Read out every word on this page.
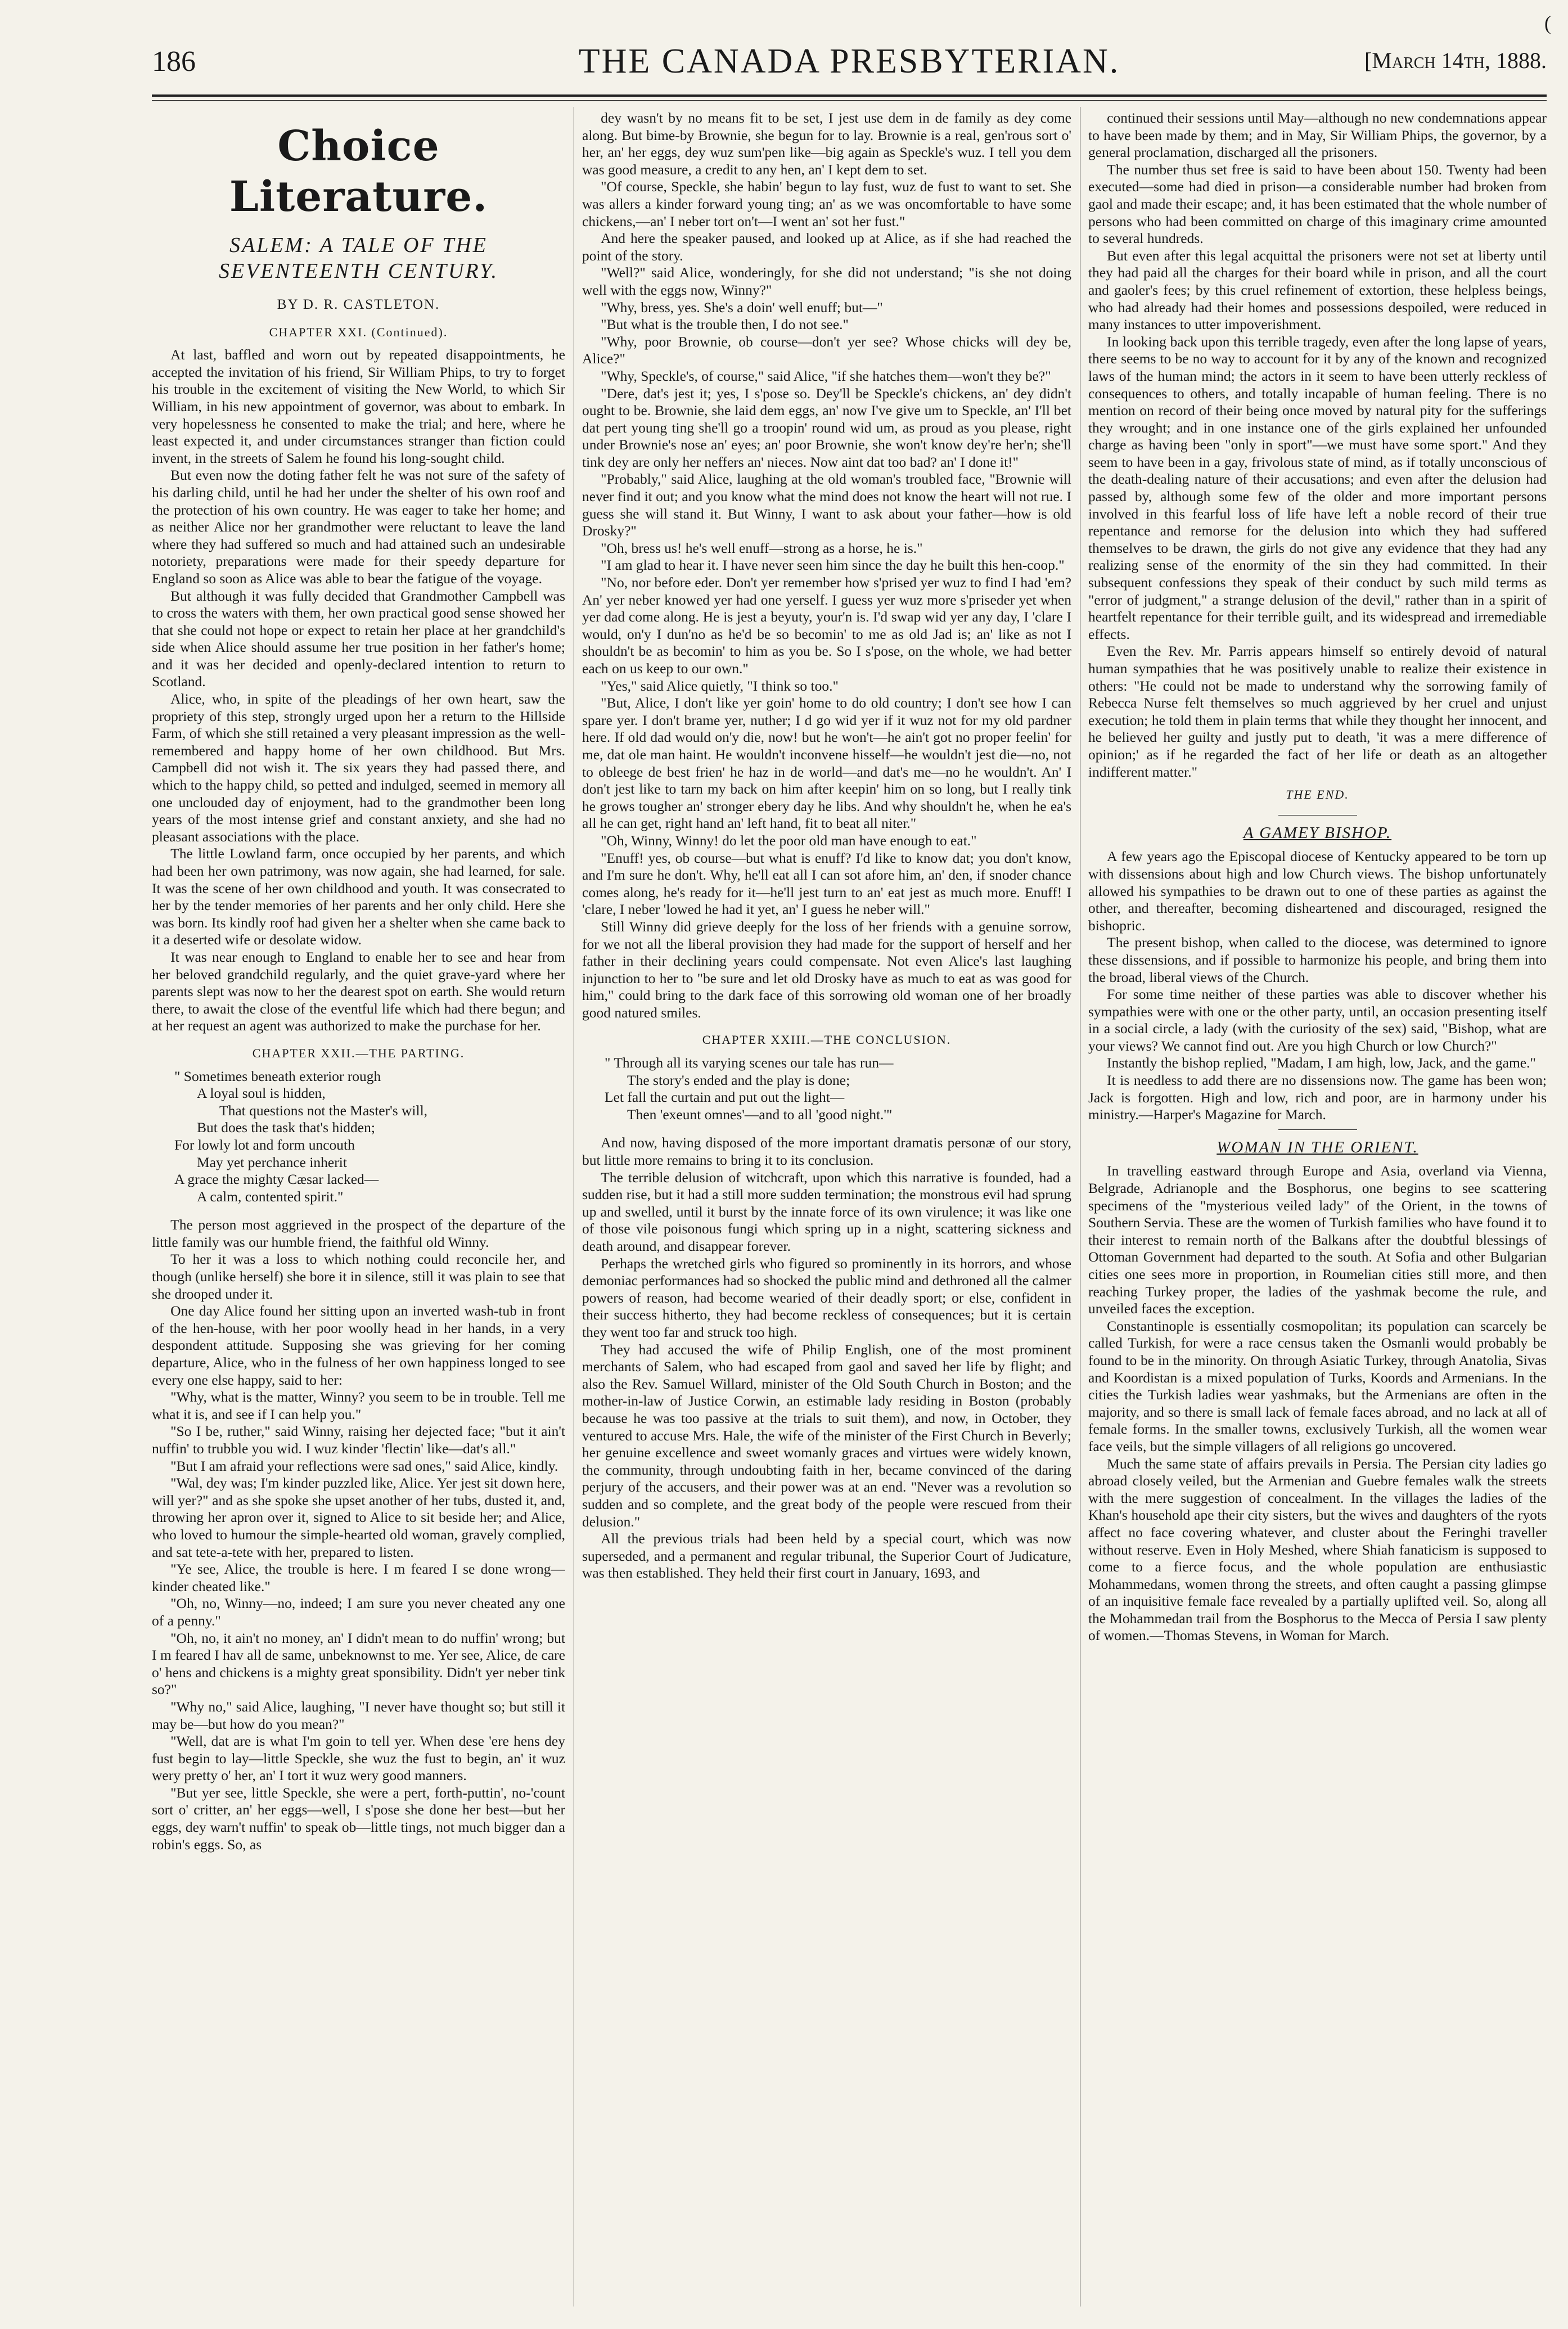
(
186	THE CANADA PRESBYTERIAN.	[March 14th, 1888.
Choice Literature.
SALEM: A TALE OF THE SEVENTEENTH CENTURY.
BY D. R. CASTLETON.
CHAPTER XXI. (Continued).

At last, baffled and worn out by repeated disappointments, he accepted the invitation of his friend, Sir William Phips, to try to forget his trouble in the excitement of visiting the New World, to which Sir William, in his new appointment of governor, was about to embark. In very hopelessness he consented to make the trial; and here, where he least expected it, and under circumstances stranger than fiction could invent, in the streets of Salem he found his long-sought child.

But even now the doting father felt he was not sure of the safety of his darling child, until he had her under the shelter of his own roof and the protection of his own country. He was eager to take her home; and as neither Alice nor her grandmother were reluctant to leave the land where they had suffered so much and had attained such an undesirable notoriety, preparations were made for their speedy departure for England so soon as Alice was able to bear the fatigue of the voyage.

But although it was fully decided that Grandmother Campbell was to cross the waters with them, her own practical good sense showed her that she could not hope or expect to retain her place at her grandchild's side when Alice should assume her true position in her father's home; and it was her decided and openly-declared intention to return to Scotland.

Alice, who, in spite of the pleadings of her own heart, saw the propriety of this step, strongly urged upon her a return to the Hillside Farm, of which she still retained a very pleasant impression as the well-remembered and happy home of her own childhood. But Mrs. Campbell did not wish it. The six years they had passed there, and which to the happy child, so petted and indulged, seemed in memory all one unclouded day of enjoyment, had to the grandmother been long years of the most intense grief and constant anxiety, and she had no pleasant associations with the place.

The little Lowland farm, once occupied by her parents, and which had been her own patrimony, was now again, she had learned, for sale. It was the scene of her own childhood and youth. It was consecrated to her by the tender memories of her parents and her only child. Here she was born. Its kindly roof had given her a shelter when she came back to it a deserted wife or desolate widow.

It was near enough to England to enable her to see and hear from her beloved grandchild regularly, and the quiet grave-yard where her parents slept was now to her the dearest spot on earth. She would return there, to await the close of the eventful life which had there begun; and at her request an agent was authorized to make the purchase for her.

CHAPTER XXII.—THE PARTING.
" Sometimes beneath exterior rough
A loyal soul is hidden,
That questions not the Master's will,
But does the task that's hidden;
For lowly lot and form uncouth
May yet perchance inherit
A grace the mighty Cæsar lacked—
A calm, contented spirit."

The person most aggrieved in the prospect of the departure of the little family was our humble friend, the faithful old Winny.

To her it was a loss to which nothing could reconcile her, and though (unlike herself) she bore it in silence, still it was plain to see that she drooped under it.

One day Alice found her sitting upon an inverted wash-tub in front of the hen-house, with her poor woolly head in her hands, in a very despondent attitude. Supposing she was grieving for her coming departure, Alice, who in the fulness of her own happiness longed to see every one else happy, said to her:

"Why, what is the matter, Winny? you seem to be in trouble. Tell me what it is, and see if I can help you."

"So I be, ruther," said Winny, raising her dejected face; "but it ain't nuffin' to trubble you wid. I wuz kinder 'flectin' like—dat's all."

"But I am afraid your reflections were sad ones," said Alice, kindly.

"Wal, dey was; I'm kinder puzzled like, Alice. Yer jest sit down here, will yer?" and as she spoke she upset another of her tubs, dusted it, and, throwing her apron over it, signed to Alice to sit beside her; and Alice, who loved to humour the simple-hearted old woman, gravely complied, and sat tete-a-tete with her, prepared to listen.

"Ye see, Alice, the trouble is here. I m feared I se done wrong—kinder cheated like."

"Oh, no, Winny—no, indeed; I am sure you never cheated any one of a penny."

"Oh, no, it ain't no money, an' I didn't mean to do nuffin' wrong; but I m feared I hav all de same, unbeknownst to me. Yer see, Alice, de care o' hens and chickens is a mighty great sponsibility. Didn't yer neber tink so?"

"Why no," said Alice, laughing, "I never have thought so; but still it may be—but how do you mean?"

"Well, dat are is what I'm goin to tell yer. When dese 'ere hens dey fust begin to lay—little Speckle, she wuz the fust to begin, an' it wuz wery pretty o' her, an' I tort it wuz wery good manners.

"But yer see, little Speckle, she were a pert, forth-puttin', no-'count sort o' critter, an' her eggs—well, I s'pose she done her best—but her eggs, dey warn't nuffin' to speak ob—little tings, not much bigger dan a robin's eggs. So, as

dey wasn't by no means fit to be set, I jest use dem in de family as dey come along. But bime-by Brownie, she begun for to lay. Brownie is a real, gen'rous sort o' her, an' her eggs, dey wuz sum'pen like—big again as Speckle's wuz. I tell you dem was good measure, a credit to any hen, an' I kept dem to set.

"Of course, Speckle, she habin' begun to lay fust, wuz de fust to want to set. She was allers a kinder forward young ting; an' as we was oncomfortable to have some chickens,—an' I neber tort on't—I went an' sot her fust."

And here the speaker paused, and looked up at Alice, as if she had reached the point of the story.

"Well?" said Alice, wonderingly, for she did not understand; "is she not doing well with the eggs now, Winny?"

"Why, bress, yes. She's a doin' well enuff; but—"

"But what is the trouble then, I do not see."

"Why, poor Brownie, ob course—don't yer see? Whose chicks will dey be, Alice?"

"Why, Speckle's, of course," said Alice, "if she hatches them—won't they be?"

"Dere, dat's jest it; yes, I s'pose so. Dey'll be Speckle's chickens, an' dey didn't ought to be. Brownie, she laid dem eggs, an' now I've give um to Speckle, an' I'll bet dat pert young ting she'll go a troopin' round wid um, as proud as you please, right under Brownie's nose an' eyes; an' poor Brownie, she won't know dey're her'n; she'll tink dey are only her neffers an' nieces. Now aint dat too bad? an' I done it!"

"Probably," said Alice, laughing at the old woman's troubled face, "Brownie will never find it out; and you know what the mind does not know the heart will not rue. I guess she will stand it. But Winny, I want to ask about your father—how is old Drosky?"

"Oh, bress us! he's well enuff—strong as a horse, he is."

"I am glad to hear it. I have never seen him since the day he built this hen-coop."

"No, nor before eder. Don't yer remember how s'prised yer wuz to find I had 'em? An' yer neber knowed yer had one yerself. I guess yer wuz more s'priseder yet when yer dad come along. He is jest a beyuty, your'n is. I'd swap wid yer any day, I 'clare I would, on'y I dun'no as he'd be so becomin' to me as old Jad is; an' like as not I shouldn't be as becomin' to him as you be. So I s'pose, on the whole, we had better each on us keep to our own."

"Yes," said Alice quietly, "I think so too."

"But, Alice, I don't like yer goin' home to do old country; I don't see how I can spare yer. I don't brame yer, nuther; I d go wid yer if it wuz not for my old pardner here. If old dad would on'y die, now! but he won't—he ain't got no proper feelin' for me, dat ole man haint. He wouldn't inconvene hisself—he wouldn't jest die—no, not to obleege de best frien' he haz in de world—and dat's me—no he wouldn't. An' I don't jest like to tarn my back on him after keepin' him on so long, but I really tink he grows tougher an' stronger ebery day he libs. And why shouldn't he, when he ea's all he can get, right hand an' left hand, fit to beat all niter."

"Oh, Winny, Winny! do let the poor old man have enough to eat."

"Enuff! yes, ob course—but what is enuff? I'd like to know dat; you don't know, and I'm sure he don't. Why, he'll eat all I can sot afore him, an' den, if snoder chance comes along, he's ready for it—he'll jest turn to an' eat jest as much more. Enuff! I 'clare, I neber 'lowed he had it yet, an' I guess he neber will."

Still Winny did grieve deeply for the loss of her friends with a genuine sorrow, for we not all the liberal provision they had made for the support of herself and her father in their declining years could compensate. Not even Alice's last laughing injunction to her to "be sure and let old Drosky have as much to eat as was good for him," could bring to the dark face of this sorrowing old woman one of her broadly good natured smiles.

CHAPTER XXIII.—THE CONCLUSION.
" Through all its varying scenes our tale has run—
The story's ended and the play is done;
Let fall the curtain and put out the light—
Then 'exeunt omnes'—and to all 'good night.'"

And now, having disposed of the more important dramatis personæ of our story, but little more remains to bring it to its conclusion.

The terrible delusion of witchcraft, upon which this narrative is founded, had a sudden rise, but it had a still more sudden termination; the monstrous evil had sprung up and swelled, until it burst by the innate force of its own virulence; it was like one of those vile poisonous fungi which spring up in a night, scattering sickness and death around, and disappear forever.

Perhaps the wretched girls who figured so prominently in its horrors, and whose demoniac performances had so shocked the public mind and dethroned all the calmer powers of reason, had become wearied of their deadly sport; or else, confident in their success hitherto, they had become reckless of consequences; but it is certain they went too far and struck too high.

They had accused the wife of Philip English, one of the most prominent merchants of Salem, who had escaped from gaol and saved her life by flight; and also the Rev. Samuel Willard, minister of the Old South Church in Boston; and the mother-in-law of Justice Corwin, an estimable lady residing in Boston (probably because he was too passive at the trials to suit them), and now, in October, they ventured to accuse Mrs. Hale, the wife of the minister of the First Church in Beverly; her genuine excellence and sweet womanly graces and virtues were widely known, the community, through undoubting faith in her, became convinced of the daring perjury of the accusers, and their power was at an end. "Never was a revolution so sudden and so complete, and the great body of the people were rescued from their delusion."

All the previous trials had been held by a special court, which was now superseded, and a permanent and regular tribunal, the Superior Court of Judicature, was then established. They held their first court in January, 1693, and

continued their sessions until May—although no new condemnations appear to have been made by them; and in May, Sir William Phips, the governor, by a general proclamation, discharged all the prisoners.

The number thus set free is said to have been about 150. Twenty had been executed—some had died in prison—a considerable number had broken from gaol and made their escape; and, it has been estimated that the whole number of persons who had been committed on charge of this imaginary crime amounted to several hundreds.

But even after this legal acquittal the prisoners were not set at liberty until they had paid all the charges for their board while in prison, and all the court and gaoler's fees; by this cruel refinement of extortion, these helpless beings, who had already had their homes and possessions despoiled, were reduced in many instances to utter impoverishment.

In looking back upon this terrible tragedy, even after the long lapse of years, there seems to be no way to account for it by any of the known and recognized laws of the human mind; the actors in it seem to have been utterly reckless of consequences to others, and totally incapable of human feeling. There is no mention on record of their being once moved by natural pity for the sufferings they wrought; and in one instance one of the girls explained her unfounded charge as having been "only in sport"—we must have some sport." And they seem to have been in a gay, frivolous state of mind, as if totally unconscious of the death-dealing nature of their accusations; and even after the delusion had passed by, although some few of the older and more important persons involved in this fearful loss of life have left a noble record of their true repentance and remorse for the delusion into which they had suffered themselves to be drawn, the girls do not give any evidence that they had any realizing sense of the enormity of the sin they had committed. In their subsequent confessions they speak of their conduct by such mild terms as "error of judgment," a strange delusion of the devil," rather than in a spirit of heartfelt repentance for their terrible guilt, and its widespread and irremediable effects.

Even the Rev. Mr. Parris appears himself so entirely devoid of natural human sympathies that he was positively unable to realize their existence in others: "He could not be made to understand why the sorrowing family of Rebecca Nurse felt themselves so much aggrieved by her cruel and unjust execution; he told them in plain terms that while they thought her innocent, and he believed her guilty and justly put to death, 'it was a mere difference of opinion;' as if he regarded the fact of her life or death as an altogether indifferent matter."

THE END.
A GAMEY BISHOP.

A few years ago the Episcopal diocese of Kentucky appeared to be torn up with dissensions about high and low Church views. The bishop unfortunately allowed his sympathies to be drawn out to one of these parties as against the other, and thereafter, becoming disheartened and discouraged, resigned the bishopric.

The present bishop, when called to the diocese, was determined to ignore these dissensions, and if possible to harmonize his people, and bring them into the broad, liberal views of the Church.

For some time neither of these parties was able to discover whether his sympathies were with one or the other party, until, an occasion presenting itself in a social circle, a lady (with the curiosity of the sex) said, "Bishop, what are your views? We cannot find out. Are you high Church or low Church?"

Instantly the bishop replied, "Madam, I am high, low, Jack, and the game."

It is needless to add there are no dissensions now. The game has been won; Jack is forgotten. High and low, rich and poor, are in harmony under his ministry.—Harper's Magazine for March.

WOMAN IN THE ORIENT.

In travelling eastward through Europe and Asia, overland via Vienna, Belgrade, Adrianople and the Bosphorus, one begins to see scattering specimens of the "mysterious veiled lady" of the Orient, in the towns of Southern Servia. These are the women of Turkish families who have found it to their interest to remain north of the Balkans after the doubtful blessings of Ottoman Government had departed to the south. At Sofia and other Bulgarian cities one sees more in proportion, in Roumelian cities still more, and then reaching Turkey proper, the ladies of the yashmak become the rule, and unveiled faces the exception.

Constantinople is essentially cosmopolitan; its population can scarcely be called Turkish, for were a race census taken the Osmanli would probably be found to be in the minority. On through Asiatic Turkey, through Anatolia, Sivas and Koordistan is a mixed population of Turks, Koords and Armenians. In the cities the Turkish ladies wear yashmaks, but the Armenians are often in the majority, and so there is small lack of female faces abroad, and no lack at all of female forms. In the smaller towns, exclusively Turkish, all the women wear face veils, but the simple villagers of all religions go uncovered.

Much the same state of affairs prevails in Persia. The Persian city ladies go abroad closely veiled, but the Armenian and Guebre females walk the streets with the mere suggestion of concealment. In the villages the ladies of the Khan's household ape their city sisters, but the wives and daughters of the ryots affect no face covering whatever, and cluster about the Feringhi traveller without reserve. Even in Holy Meshed, where Shiah fanaticism is supposed to come to a fierce focus, and the whole population are enthusiastic Mohammedans, women throng the streets, and often caught a passing glimpse of an inquisitive female face revealed by a partially uplifted veil. So, along all the Mohammedan trail from the Bosphorus to the Mecca of Persia I saw plenty of women.—Thomas Stevens, in Woman for March.
